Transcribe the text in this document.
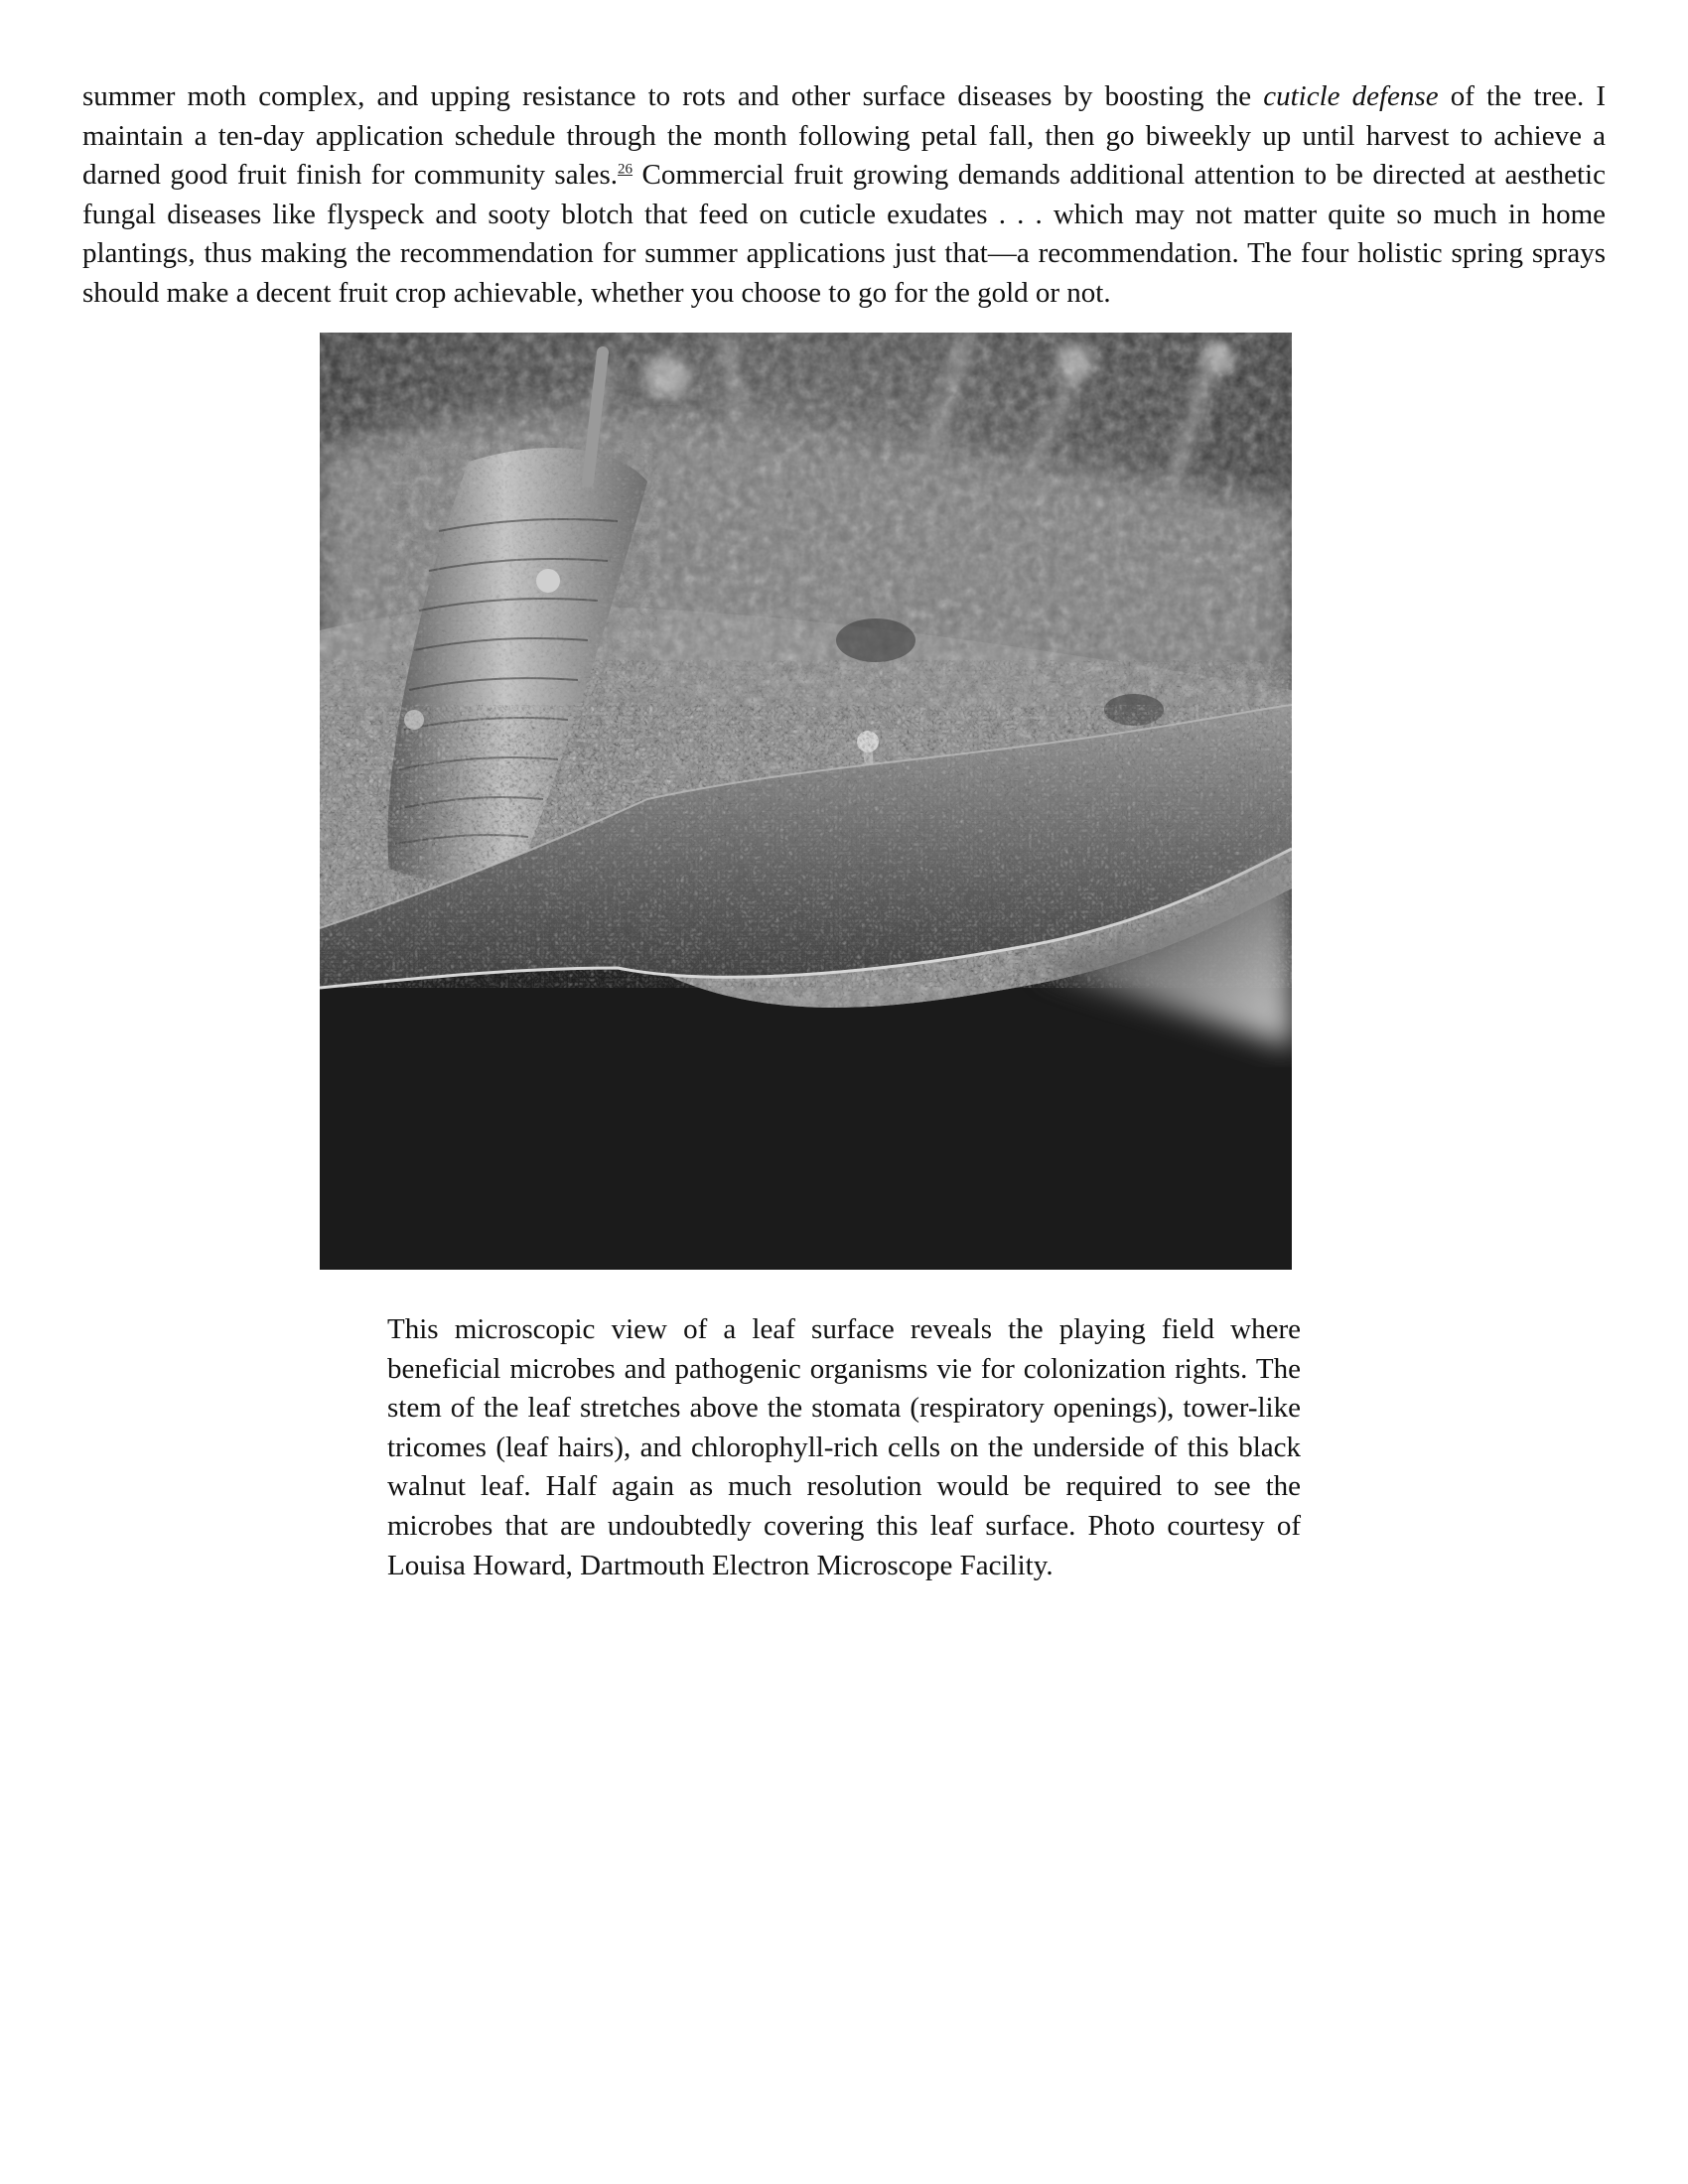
summer moth complex, and upping resistance to rots and other surface diseases by boosting the cuticle defense of the tree. I maintain a ten-day application schedule through the month following petal fall, then go biweekly up until harvest to achieve a darned good fruit finish for community sales.$^{26}$ Commercial fruit growing demands additional attention to be directed at aesthetic fungal diseases like flyspeck and sooty blotch that feed on cuticle exudates . . . which may not matter quite so much in home plantings, thus making the recommendation for summer applications just that—a recommendation. The four holistic spring sprays should make a decent fruit crop achievable, whether you choose to go for the gold or not.

This microscopic view of a leaf surface reveals the playing field where beneficial microbes and pathogenic organisms vie for colonization rights. The stem of the leaf stretches above the stomata (respiratory openings), tower-like tricomes (leaf hairs), and chlorophyll-rich cells on the underside of this black walnut leaf. Half again as much resolution would be required to see the microbes that are undoubtedly covering this leaf surface. Photo courtesy of Louisa Howard, Dartmouth Electron Microscope Facility.
